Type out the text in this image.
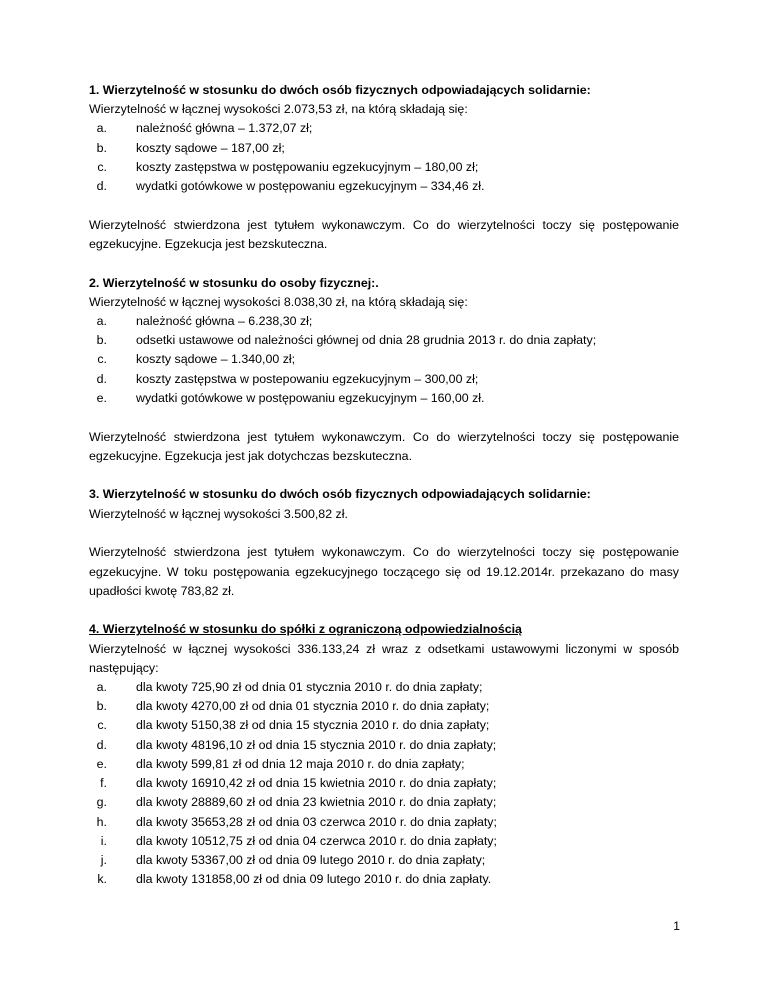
1. Wierzytelność w stosunku do dwóch osób fizycznych odpowiadających solidarnie:

Wierzytelność w łącznej wysokości 2.073,53 zł, na którą składają się:

a. należność główna – 1.372,07 zł;
b. koszty sądowe – 187,00 zł;
c. koszty zastępstwa w postępowaniu egzekucyjnym – 180,00 zł;
d. wydatki gotówkowe w postępowaniu egzekucyjnym – 334,46 zł.

Wierzytelność stwierdzona jest tytułem wykonawczym. Co do wierzytelności toczy się postępowanie egzekucyjne. Egzekucja jest bezskuteczna.

2. Wierzytelność w stosunku do osoby fizycznej:.

Wierzytelność w łącznej wysokości 8.038,30 zł, na którą składają się:

a. należność główna – 6.238,30 zł;
b. odsetki ustawowe od należności głównej od dnia 28 grudnia 2013 r. do dnia zapłaty;
c. koszty sądowe – 1.340,00 zł;
d. koszty zastępstwa w postepowaniu egzekucyjnym – 300,00 zł;
e. wydatki gotówkowe w postępowaniu egzekucyjnym – 160,00 zł.

Wierzytelność stwierdzona jest tytułem wykonawczym. Co do wierzytelności toczy się postępowanie egzekucyjne. Egzekucja jest jak dotychczas bezskuteczna.

3. Wierzytelność w stosunku do dwóch osób fizycznych odpowiadających solidarnie:

Wierzytelność w łącznej wysokości 3.500,82 zł.

Wierzytelność stwierdzona jest tytułem wykonawczym. Co do wierzytelności toczy się postępowanie egzekucyjne. W toku postępowania egzekucyjnego toczącego się od 19.12.2014r. przekazano do masy upadłości kwotę 783,82 zł.

4. Wierzytelność w stosunku do spółki z ograniczoną odpowiedzialnością

Wierzytelność w łącznej wysokości 336.133,24 zł wraz z odsetkami ustawowymi liczonymi w sposób następujący:

a. dla kwoty 725,90 zł od dnia 01 stycznia 2010 r. do dnia zapłaty;
b. dla kwoty 4270,00 zł od dnia 01 stycznia 2010 r. do dnia zapłaty;
c. dla kwoty 5150,38 zł od dnia 15 stycznia 2010 r. do dnia zapłaty;
d. dla kwoty 48196,10 zł od dnia 15 stycznia 2010 r. do dnia zapłaty;
e. dla kwoty 599,81 zł od dnia 12 maja 2010 r. do dnia zapłaty;
f. dla kwoty 16910,42 zł od dnia 15 kwietnia 2010 r. do dnia zapłaty;
g. dla kwoty 28889,60 zł od dnia 23 kwietnia 2010 r. do dnia zapłaty;
h. dla kwoty 35653,28 zł od dnia 03 czerwca 2010 r. do dnia zapłaty;
i. dla kwoty 10512,75 zł od dnia 04 czerwca 2010 r. do dnia zapłaty;
j. dla kwoty 53367,00 zł od dnia 09 lutego 2010 r. do dnia zapłaty;
k. dla kwoty 131858,00 zł od dnia 09 lutego 2010 r. do dnia zapłaty.
1
